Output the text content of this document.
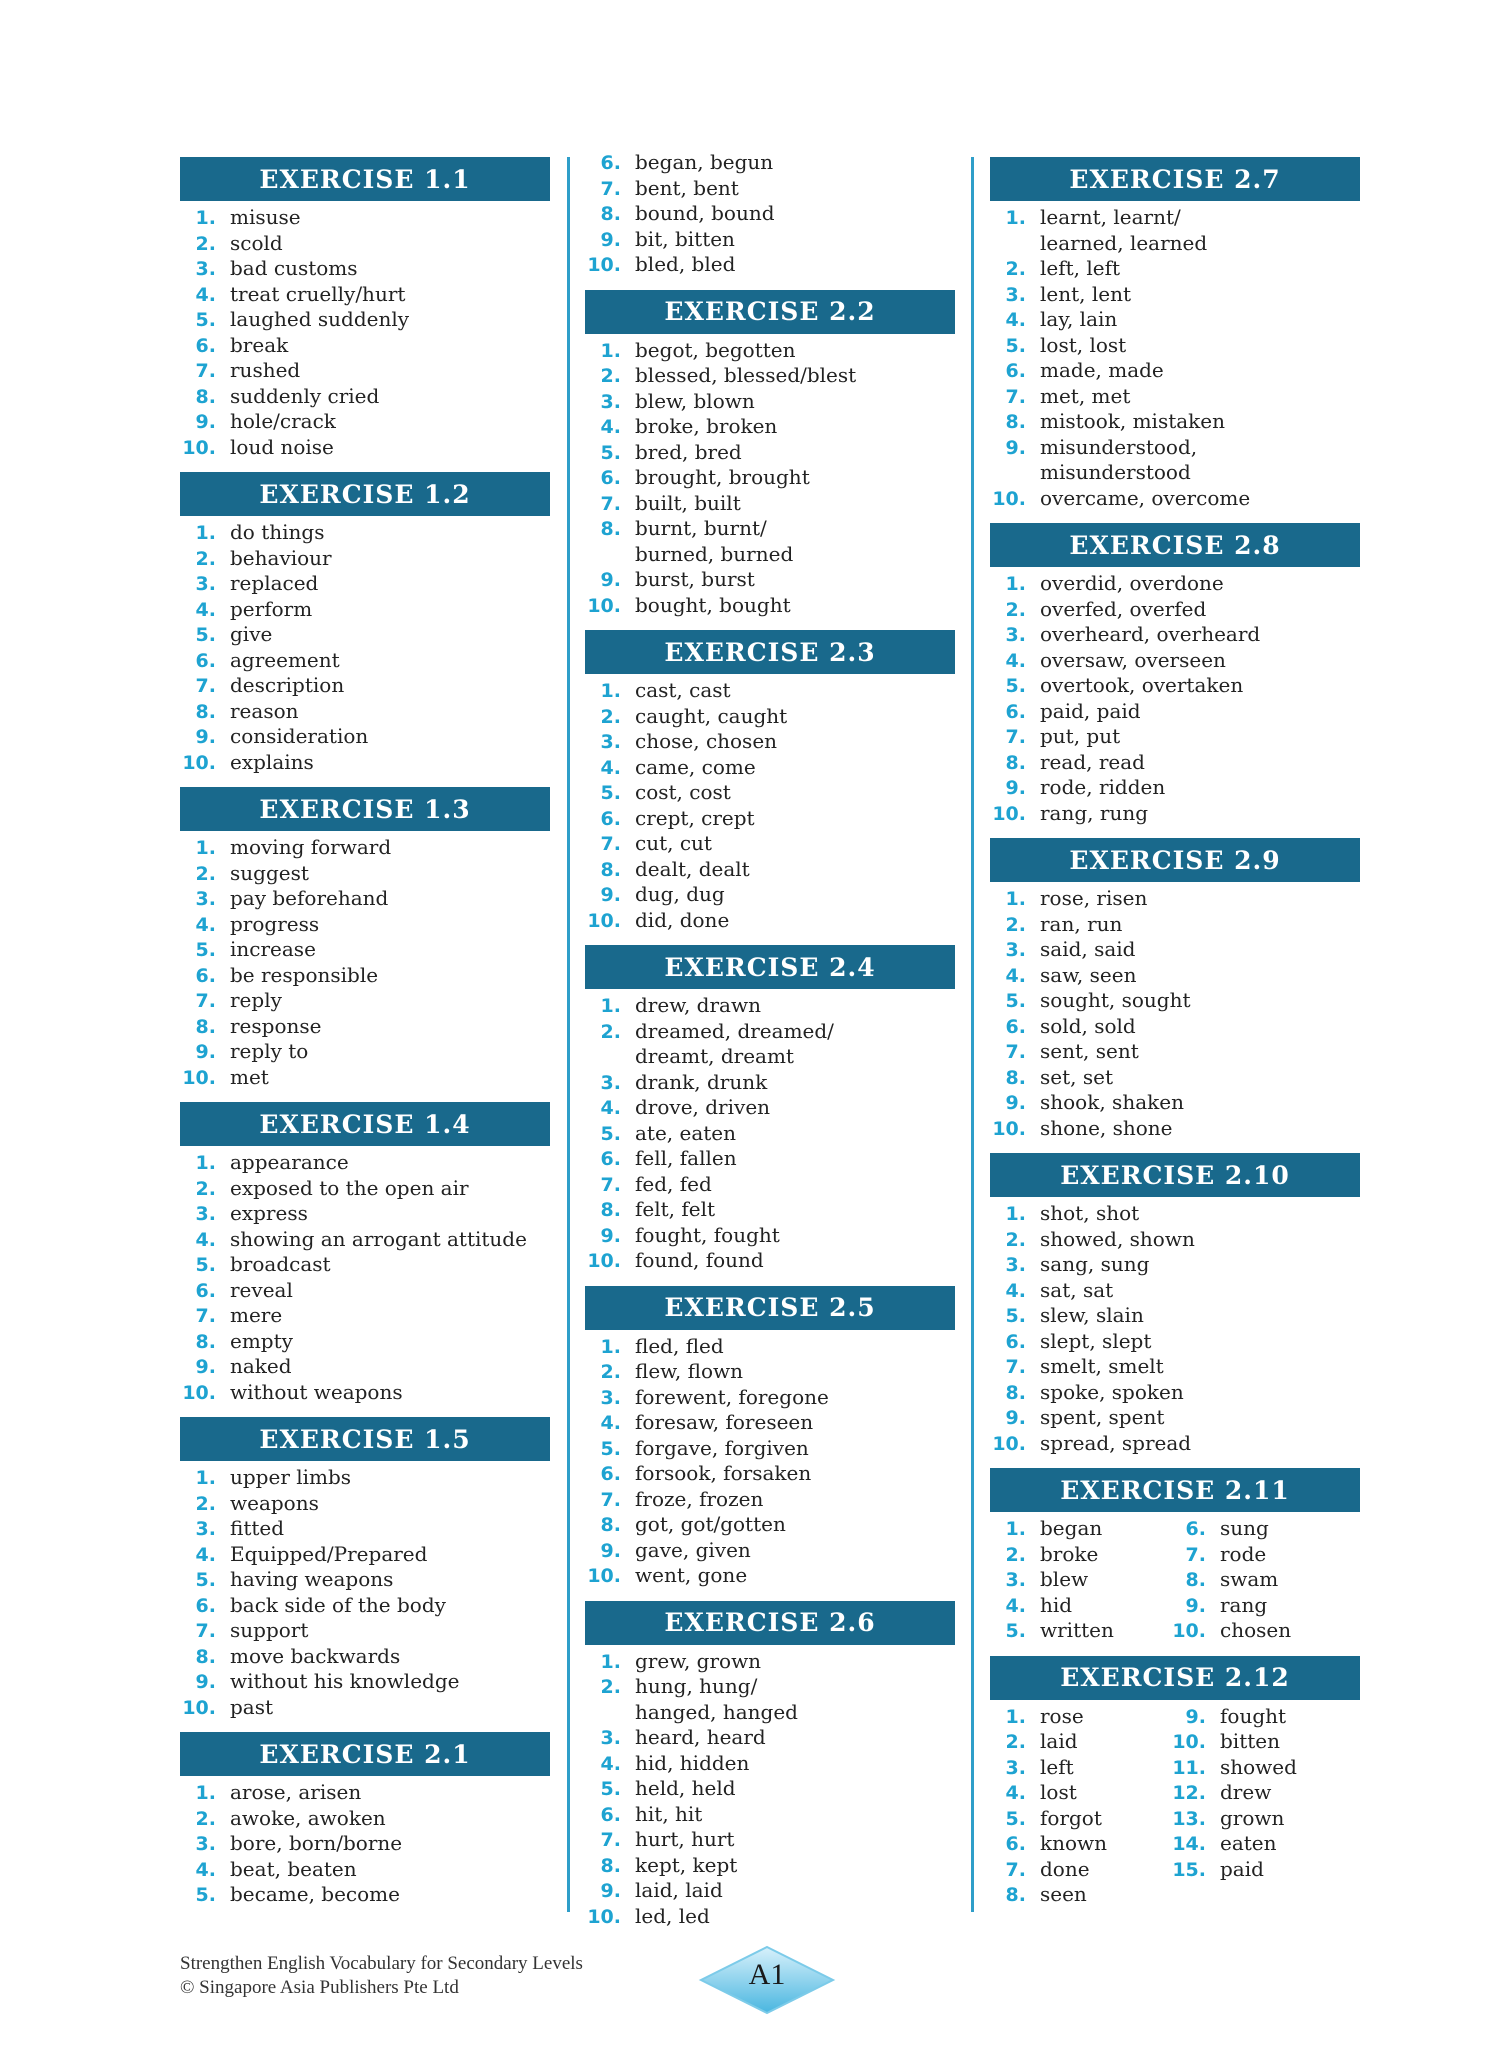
EXERCISE 1.1
1. misuse
2. scold
3. bad customs
4. treat cruelly/hurt
5. laughed suddenly
6. break
7. rushed
8. suddenly cried
9. hole/crack
10. loud noise
EXERCISE 1.2
1. do things
2. behaviour
3. replaced
4. perform
5. give
6. agreement
7. description
8. reason
9. consideration
10. explains
EXERCISE 1.3
1. moving forward
2. suggest
3. pay beforehand
4. progress
5. increase
6. be responsible
7. reply
8. response
9. reply to
10. met
EXERCISE 1.4
1. appearance
2. exposed to the open air
3. express
4. showing an arrogant attitude
5. broadcast
6. reveal
7. mere
8. empty
9. naked
10. without weapons
EXERCISE 1.5
1. upper limbs
2. weapons
3. fitted
4. Equipped/Prepared
5. having weapons
6. back side of the body
7. support
8. move backwards
9. without his knowledge
10. past
EXERCISE 2.1
1. arose, arisen
2. awoke, awoken
3. bore, born/borne
4. beat, beaten
5. became, become
6. began, begun
7. bent, bent
8. bound, bound
9. bit, bitten
10. bled, bled
EXERCISE 2.2
1. begot, begotten
2. blessed, blessed/blest
3. blew, blown
4. broke, broken
5. bred, bred
6. brought, brought
7. built, built
8. burnt, burnt/
burned, burned
9. burst, burst
10. bought, bought
EXERCISE 2.3
1. cast, cast
2. caught, caught
3. chose, chosen
4. came, come
5. cost, cost
6. crept, crept
7. cut, cut
8. dealt, dealt
9. dug, dug
10. did, done
EXERCISE 2.4
1. drew, drawn
2. dreamed, dreamed/
dreamt, dreamt
3. drank, drunk
4. drove, driven
5. ate, eaten
6. fell, fallen
7. fed, fed
8. felt, felt
9. fought, fought
10. found, found
EXERCISE 2.5
1. fled, fled
2. flew, flown
3. forewent, foregone
4. foresaw, foreseen
5. forgave, forgiven
6. forsook, forsaken
7. froze, frozen
8. got, got/gotten
9. gave, given
10. went, gone
EXERCISE 2.6
1. grew, grown
2. hung, hung/
hanged, hanged
3. heard, heard
4. hid, hidden
5. held, held
6. hit, hit
7. hurt, hurt
8. kept, kept
9. laid, laid
10. led, led
EXERCISE 2.7
1. learnt, learnt/
learned, learned
2. left, left
3. lent, lent
4. lay, lain
5. lost, lost
6. made, made
7. met, met
8. mistook, mistaken
9. misunderstood,
misunderstood
10. overcame, overcome
EXERCISE 2.8
1. overdid, overdone
2. overfed, overfed
3. overheard, overheard
4. oversaw, overseen
5. overtook, overtaken
6. paid, paid
7. put, put
8. read, read
9. rode, ridden
10. rang, rung
EXERCISE 2.9
1. rose, risen
2. ran, run
3. said, said
4. saw, seen
5. sought, sought
6. sold, sold
7. sent, sent
8. set, set
9. shook, shaken
10. shone, shone
EXERCISE 2.10
1. shot, shot
2. showed, shown
3. sang, sung
4. sat, sat
5. slew, slain
6. slept, slept
7. smelt, smelt
8. spoke, spoken
9. spent, spent
10. spread, spread
EXERCISE 2.11
1. began
2. broke
3. blew
4. hid
5. written
6. sung
7. rode
8. swam
9. rang
10. chosen
EXERCISE 2.12
1. rose
2. laid
3. left
4. lost
5. forgot
6. known
7. done
8. seen
9. fought
10. bitten
11. showed
12. drew
13. grown
14. eaten
15. paid
Strengthen English Vocabulary for Secondary Levels
© Singapore Asia Publishers Pte Ltd	A1
